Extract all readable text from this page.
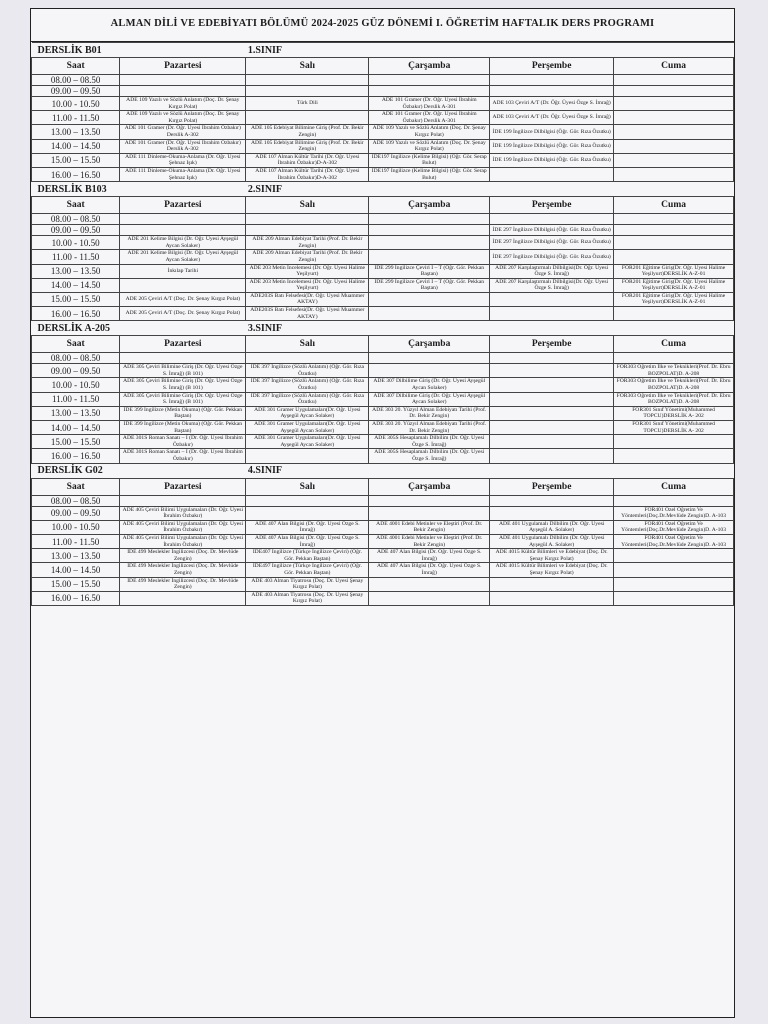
ALMAN DİLİ VE EDEBİYATI BÖLÜMÜ 2024-2025 GÜZ DÖNEMİ I. ÖĞRETİM HAFTALIK DERS PROGRAMI
DERSLİK B01		1.SINIF			
Saat	Pazartesi	Salı	Çarşamba	Perşembe	Cuma
08.00 – 08.50					
09.00 – 09.50					
10.00 - 10.50	ADE 109 Yazılı ve Sözlü Anlatım (Doç. Dr. Şenay Kırgız Polat)	Türk Dili	ADE 101 Gramer (Dr. Öğr. Üyesi İbrahim Özbakır) Derslik A-301	ADE 103 Çeviri A/T (Dr. Öğr. Üyesi Özge S. İmrağ)	
11.00 - 11.50	ADE 109 Yazılı ve Sözlü Anlatım (Doç. Dr. Şenay Kırgız Polat)		ADE 101 Gramer (Dr. Öğr. Üyesi İbrahim Özbakır) Derslik A-301	ADE 103 Çeviri A/T (Dr. Öğr. Üyesi Özge S. İmrağ)	
13.00 – 13.50	ADE 101 Gramer (Dr. Öğr. Üyesi İbrahim Özbakır) Derslik A-302	ADE 105 Edebiyat Bilimine Giriş (Prof. Dr. Bekir Zengin)	ADE 109 Yazılı ve Sözlü Anlatım (Doç. Dr. Şenay Kırgız Polat)	İDE 199 İngilizce Dilbilgisi (Öğr. Gör. Rıza Özutku)	
14.00 – 14.50	ADE 101 Gramer (Dr. Öğr. Üyesi İbrahim Özbakır) Derslik A-302	ADE 105 Edebiyat Bilimine Giriş (Prof. Dr. Bekir Zengin)	ADE 109 Yazılı ve Sözlü Anlatım (Doç. Dr. Şenay Kırgız Polat)	İDE 199 İngilizce Dilbilgisi (Öğr. Gör. Rıza Özutku)	
15.00 – 15.50	ADE 111 Dinleme-Okuma-Anlama (Dr. Öğr. Üyesi Şehnaz Işık)	ADE 107 Alman Kültür Tarihi (Dr. Öğr. Üyesi İbrahim Özbakır)D-A-302	İDE197 İngilizce (Kelime Bilgisi) (Öğr. Gör. Serap Bulut)	İDE 199 İngilizce Dilbilgisi (Öğr. Gör. Rıza Özutku)	
16.00 – 16.50	ADE 111 Dinleme-Okuma-Anlama (Dr. Öğr. Üyesi Şehnaz Işık)	ADE 107 Alman Kültür Tarihi (Dr. Öğr. Üyesi İbrahim Özbakır)D-A-302	İDE197 İngilizce (Kelime Bilgisi) (Öğr. Gör. Serap Bulut)		
DERSLİK B103		2.SINIF			
Saat	Pazartesi	Salı	Çarşamba	Perşembe	Cuma
08.00 – 08.50					
09.00 – 09.50				İDE 297 İngilizce Dilbilgisi (Öğr. Gör. Rıza Özutku)	
10.00 - 10.50	ADE 201 Kelime Bilgisi (Dr. Öğr. Üyesi Ayşegül Aycan Solaker)	ADE 209 Alman Edebiyat Tarihi (Prof. Dr. Bekir Zengin)		İDE 297 İngilizce Dilbilgisi (Öğr. Gör. Rıza Özutku)	
11.00 - 11.50	ADE 201 Kelime Bilgisi (Dr. Öğr. Üyesi Ayşegül Aycan Solaker)	ADE 209 Alman Edebiyat Tarihi (Prof. Dr. Bekir Zengin)		İDE 297 İngilizce Dilbilgisi (Öğr. Gör. Rıza Özutku)	
13.00 – 13.50	İnkılap Tarihi	ADE 203 Metin İncelemesi (Dr. Öğr. Üyesi Halime Yeşilyurt)	İDE 299 İngilizce Çeviri I – T (Öğr. Gör. Pekkan Baştan)	ADE 207 Karşılaştırmalı Dilbilgisi(Dr. Öğr. Üyesi Özge S. İmrağ)	FOR201 Eğitime Giriş(Dr. Öğr. Üyesi Halime Yeşilyurt)DERSLİK A-Z-01
14.00 – 14.50		ADE 203 Metin İncelemesi (Dr. Öğr. Üyesi Halime Yeşilyurt)	İDE 299 İngilizce Çeviri I – T (Öğr. Gör. Pekkan Baştan)	ADE 207 Karşılaştırmalı Dilbilgisi(Dr. Öğr. Üyesi Özge S. İmrağ)	FOR201 Eğitime Giriş(Dr. Öğr. Üyesi Halime Yeşilyurt)DERSLİK A-Z-01
15.00 – 15.50	ADE 205 Çeviri A/T (Doç. Dr. Şenay Kırgız Polat)	ADE203S Batı Felsefesi(Dr. Öğr. Üyesi Muammer AKTAY)			FOR201 Eğitime Giriş(Dr. Öğr. Üyesi Halime Yeşilyurt)DERSLİK A-Z-01
16.00 – 16.50	ADE 205 Çeviri A/T (Doç. Dr. Şenay Kırgız Polat)	ADE203S Batı Felsefesi(Dr. Öğr. Üyesi Muammer AKTAY)			
DERSLİK A-205		3.SINIF			
Saat	Pazartesi	Salı	Çarşamba	Perşembe	Cuma
08.00 – 08.50					
09.00 – 09.50	ADE 305 Çeviri Bilimine Giriş (Dr. Öğr. Üyesi Özge S. İmrağ) (B 101)	İDE 397 İngilizce (Sözlü Anlatım) (Öğr. Gör. Rıza Özutku)			FOR303 Öğretim İlke ve Teknikleri(Prof. Dr. Ebru BOZPOLAT)D. A-208
10.00 - 10.50	ADE 305 Çeviri Bilimine Giriş (Dr. Öğr. Üyesi Özge S. İmrağ) (B 101)	İDE 397 İngilizce (Sözlü Anlatım) (Öğr. Gör. Rıza Özutku)	ADE 307 Dilbilime Giriş (Dr. Öğr. Üyesi Ayşegül Aycan Solaker)		FOR303 Öğretim İlke ve Teknikleri(Prof. Dr. Ebru BOZPOLAT)D. A-208
11.00 - 11.50	ADE 305 Çeviri Bilimine Giriş (Dr. Öğr. Üyesi Özge S. İmrağ) (B 101)	İDE 397 İngilizce (Sözlü Anlatım) (Öğr. Gör. Rıza Özutku)	ADE 307 Dilbilime Giriş (Dr. Öğr. Üyesi Ayşegül Aycan Solaker)		FOR303 Öğretim İlke ve Teknikleri(Prof. Dr. Ebru BOZPOLAT)D. A-208
13.00 – 13.50	İDE 399 İngilizce (Metin Okuma) (Öğr. Gör. Pekkan Baştan)	ADE 301 Gramer Uygulamaları(Dr. Öğr. Üyesi Ayşegül Aycan Solaker)	ADE 303 20. Yüzyıl Alman Edebiyatı Tarihi (Prof. Dr. Bekir Zengin)		FOR301 Sınıf Yönetimi(Muhammed TOPCU)DERSLİK A- 202
14.00 – 14.50	İDE 399 İngilizce (Metin Okuma) (Öğr. Gör. Pekkan Baştan)	ADE 301 Gramer Uygulamaları(Dr. Öğr. Üyesi Ayşegül Aycan Solaker)	ADE 303 20. Yüzyıl Alman Edebiyatı Tarihi (Prof. Dr. Bekir Zengin)		FOR301 Sınıf Yönetimi(Muhammed TOPCU)DERSLİK A- 202
15.00 – 15.50	ADE 301S Roman Sanatı – I (Dr. Öğr. Üyesi İbrahim Özbakır)	ADE 301 Gramer Uygulamaları(Dr. Öğr. Üyesi Ayşegül Aycan Solaker)	ADE 305S Hesaplamalı Dilbilim (Dr. Öğr. Üyesi Özge S. İmrağ)		
16.00 – 16.50	ADE 301S Roman Sanatı – I (Dr. Öğr. Üyesi İbrahim Özbakır)		ADE 305S Hesaplamalı Dilbilim (Dr. Öğr. Üyesi Özge S. İmrağ)		
DERSLİK G02		4.SINIF			
Saat	Pazartesi	Salı	Çarşamba	Perşembe	Cuma
08.00 – 08.50					
09.00 – 09.50	ADE 405 Çeviri Bilimi Uygulamaları (Dr. Öğr. Üyesi İbrahim Özbakır)				FOR401 Özel Öğretim Ve Yöntemleri(Doç.Dr.Mevlüde Zengin)D. A-103
10.00 - 10.50	ADE 405 Çeviri Bilimi Uygulamaları (Dr. Öğr. Üyesi İbrahim Özbakır)	ADE 407 Alan Bilgisi (Dr. Öğr. Üyesi Özge S. İmrağ)	ADE 4001 Edebi Metinler ve Eleştiri (Prof. Dr. Bekir Zengin)	ADE 401 Uygulamalı Dilbilim (Dr. Öğr. Üyesi Ayşegül A. Solaker)	FOR401 Özel Öğretim Ve Yöntemleri(Doç.Dr.Mevlüde Zengin)D. A-103
11.00 - 11.50	ADE 405 Çeviri Bilimi Uygulamaları (Dr. Öğr. Üyesi İbrahim Özbakır)	ADE 407 Alan Bilgisi (Dr. Öğr. Üyesi Özge S. İmrağ)	ADE 4001 Edebi Metinler ve Eleştiri (Prof. Dr. Bekir Zengin)	ADE 401 Uygulamalı Dilbilim (Dr. Öğr. Üyesi Ayşegül A. Solaker)	FOR401 Özel Öğretim Ve Yöntemleri(Doç.Dr.Mevlüde Zengin)D. A-103
13.00 – 13.50	İDE 499 Meslekler İngilizcesi (Doç. Dr. Mevlüde Zengin)	İDE407 İngilizce (Türkçe İngilizce Çeviri) (Öğr. Gör. Pekkan Baştan)	ADE 407 Alan Bilgisi (Dr. Öğr. Üyesi Özge S. İmrağ)	ADE 4015 Kültür Bilimleri ve Edebiyat (Doç. Dr. Şenay Kırgız Polat)	
14.00 – 14.50	İDE 499 Meslekler İngilizcesi (Doç. Dr. Mevlüde Zengin)	İDE497 İngilizce (Türkçe İngilizce Çeviri) (Öğr. Gör. Pekkan Baştan)	ADE 407 Alan Bilgisi (Dr. Öğr. Üyesi Özge S. İmrağ)	ADE 4015 Kültür Bilimleri ve Edebiyat (Doç. Dr. Şenay Kırgız Polat)	
15.00 – 15.50	İDE 499 Meslekler İngilizcesi (Doç. Dr. Mevlüde Zengin)	ADE 403 Alman Tiyatrosu (Doç. Dr. Üyesi Şenay Kırgız Polat)			
16.00 – 16.50		ADE 403 Alman Tiyatrosu (Doç. Dr. Üyesi Şenay Kırgız Polat)			
